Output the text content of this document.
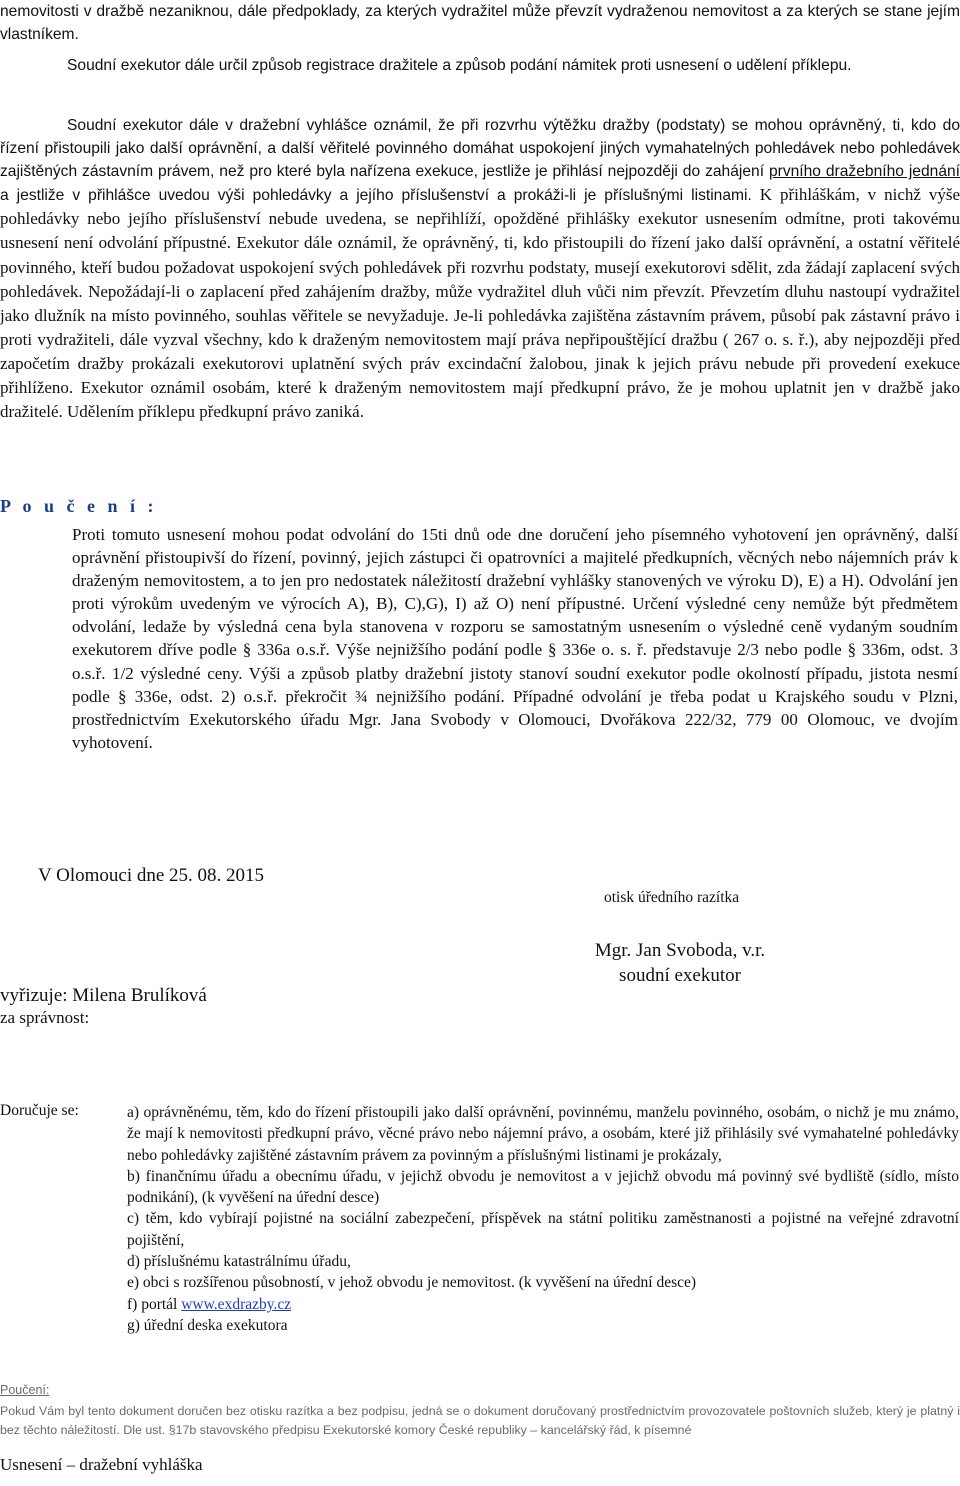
nemovitosti v dražbě nezaniknou, dále předpoklady, za kterých vydražitel může převzít vydraženou nemovitost a za kterých se stane jejím vlastníkem.
Soudní exekutor dále určil způsob registrace dražitele a způsob podání námitek proti usnesení o udělení příklepu.
Soudní exekutor dále v dražební vyhlášce oznámil, že při rozvrhu výtěžku dražby (podstaty) se mohou oprávněný, ti, kdo do řízení přistoupili jako další oprávnění, a další věřitelé povinného domáhat uspokojení jiných vymahatelných pohledávek nebo pohledávek zajištěných zástavním právem, než pro které byla nařízena exekuce, jestliže je přihlásí nejpozději do zahájení prvního dražebního jednání a jestliže v přihlášce uvedou výši pohledávky a jejího příslušenství a prokáži-li je příslušnými listinami. K přihláškám, v nichž výše pohledávky nebo jejího příslušenství nebude uvedena, se nepřihlíží, opožděné přihlášky exekutor usnesením odmítne, proti takovému usnesení není odvolání přípustné. Exekutor dále oznámil, že oprávněný, ti, kdo přistoupili do řízení jako další oprávnění, a ostatní věřitelé povinného, kteří budou požadovat uspokojení svých pohledávek při rozvrhu podstaty, musejí exekutorovi sdělit, zda žádají zaplacení svých pohledávek. Nepožádají-li o zaplacení před zahájením dražby, může vydražitel dluh vůči nim převzít. Převzetím dluhu nastoupí vydražitel jako dlužník na místo povinného, souhlas věřitele se nevyžaduje. Je-li pohledávka zajištěna zástavním právem, působí pak zástavní právo i proti vydražiteli, dále vyzval všechny, kdo k draženým nemovitostem mají práva nepřipouštějící dražbu ( 267 o. s. ř.), aby nejpozději před započetím dražby prokázali exekutorovi uplatnění svých práv excindační žalobou, jinak k jejich právu nebude při provedení exekuce přihlíženo. Exekutor oznámil osobám, které k draženým nemovitostem mají předkupní právo, že je mohou uplatnit jen v dražbě jako dražitelé. Udělením příklepu předkupní právo zaniká.
P o u č e n í :
Proti tomuto usnesení mohou podat odvolání do 15ti dnů ode dne doručení jeho písemného vyhotovení jen oprávněný, další oprávnění přistoupivší do řízení, povinný, jejich zástupci či opatrovníci a majitelé předkupních, věcných nebo nájemních práv k draženým nemovitostem, a to jen pro nedostatek náležitostí dražební vyhlášky stanovených ve výroku D), E) a H). Odvolání jen proti výrokům uvedeným ve výrocích A), B), C),G), I) až O) není přípustné. Určení výsledné ceny nemůže být předmětem odvolání, ledaže by výsledná cena byla stanovena v rozporu se samostatným usnesením o výsledné ceně vydaným soudním exekutorem dříve podle § 336a o.s.ř. Výše nejnižšího podání podle § 336e o. s. ř. představuje 2/3 nebo podle § 336m, odst. 3 o.s.ř. 1/2 výsledné ceny. Výši a způsob platby dražební jistoty stanoví soudní exekutor podle okolností případu, jistota nesmí podle § 336e, odst. 2) o.s.ř. překročit ¾ nejnižšího podání. Případné odvolání je třeba podat u Krajského soudu v Plzni, prostřednictvím Exekutorského úřadu Mgr. Jana Svobody v Olomouci, Dvořákova 222/32, 779 00 Olomouc, ve dvojím vyhotovení.
V Olomouci dne 25. 08. 2015
otisk úředního razítka
Mgr. Jan Svoboda, v.r.
soudní exekutor
vyřizuje: Milena Brulíková
za správnost:
Doručuje se:	a) oprávněnému, těm, kdo do řízení přistoupili jako další oprávnění, povinnému, manželu povinného, osobám, o nichž je mu známo, že mají k nemovitosti předkupní právo, věcné právo nebo nájemní právo, a osobám, které již přihlásily své vymahatelné pohledávky nebo pohledávky zajištěné zástavním právem za povinným a příslušnými listinami je prokázaly,
b) finančnímu úřadu a obecnímu úřadu, v jejichž obvodu je nemovitost a v jejichž obvodu má povinný své bydliště (sídlo, místo podnikání), (k vyvěšení na úřední desce)
c) těm, kdo vybírají pojistné na sociální zabezpečení, příspěvek na státní politiku zaměstnanosti a pojistné na veřejné zdravotní pojištění,
d) příslušnému katastrálnímu úřadu,
e) obci s rozšířenou působností, v jehož obvodu je nemovitost. (k vyvěšení na úřední desce)
f) portál www.exdrazby.cz
g) úřední deska exekutora
Poučení:
Pokud Vám byl tento dokument doručen bez otisku razítka a bez podpisu, jedná se o dokument doručovaný prostřednictvím provozovatele poštovních služeb, který je platný i bez těchto náležitostí. Dle ust. §17b stavovského předpisu Exekutorské komory České republiky – kancelářský řád, k písemné
Usnesení – dražební vyhláška
